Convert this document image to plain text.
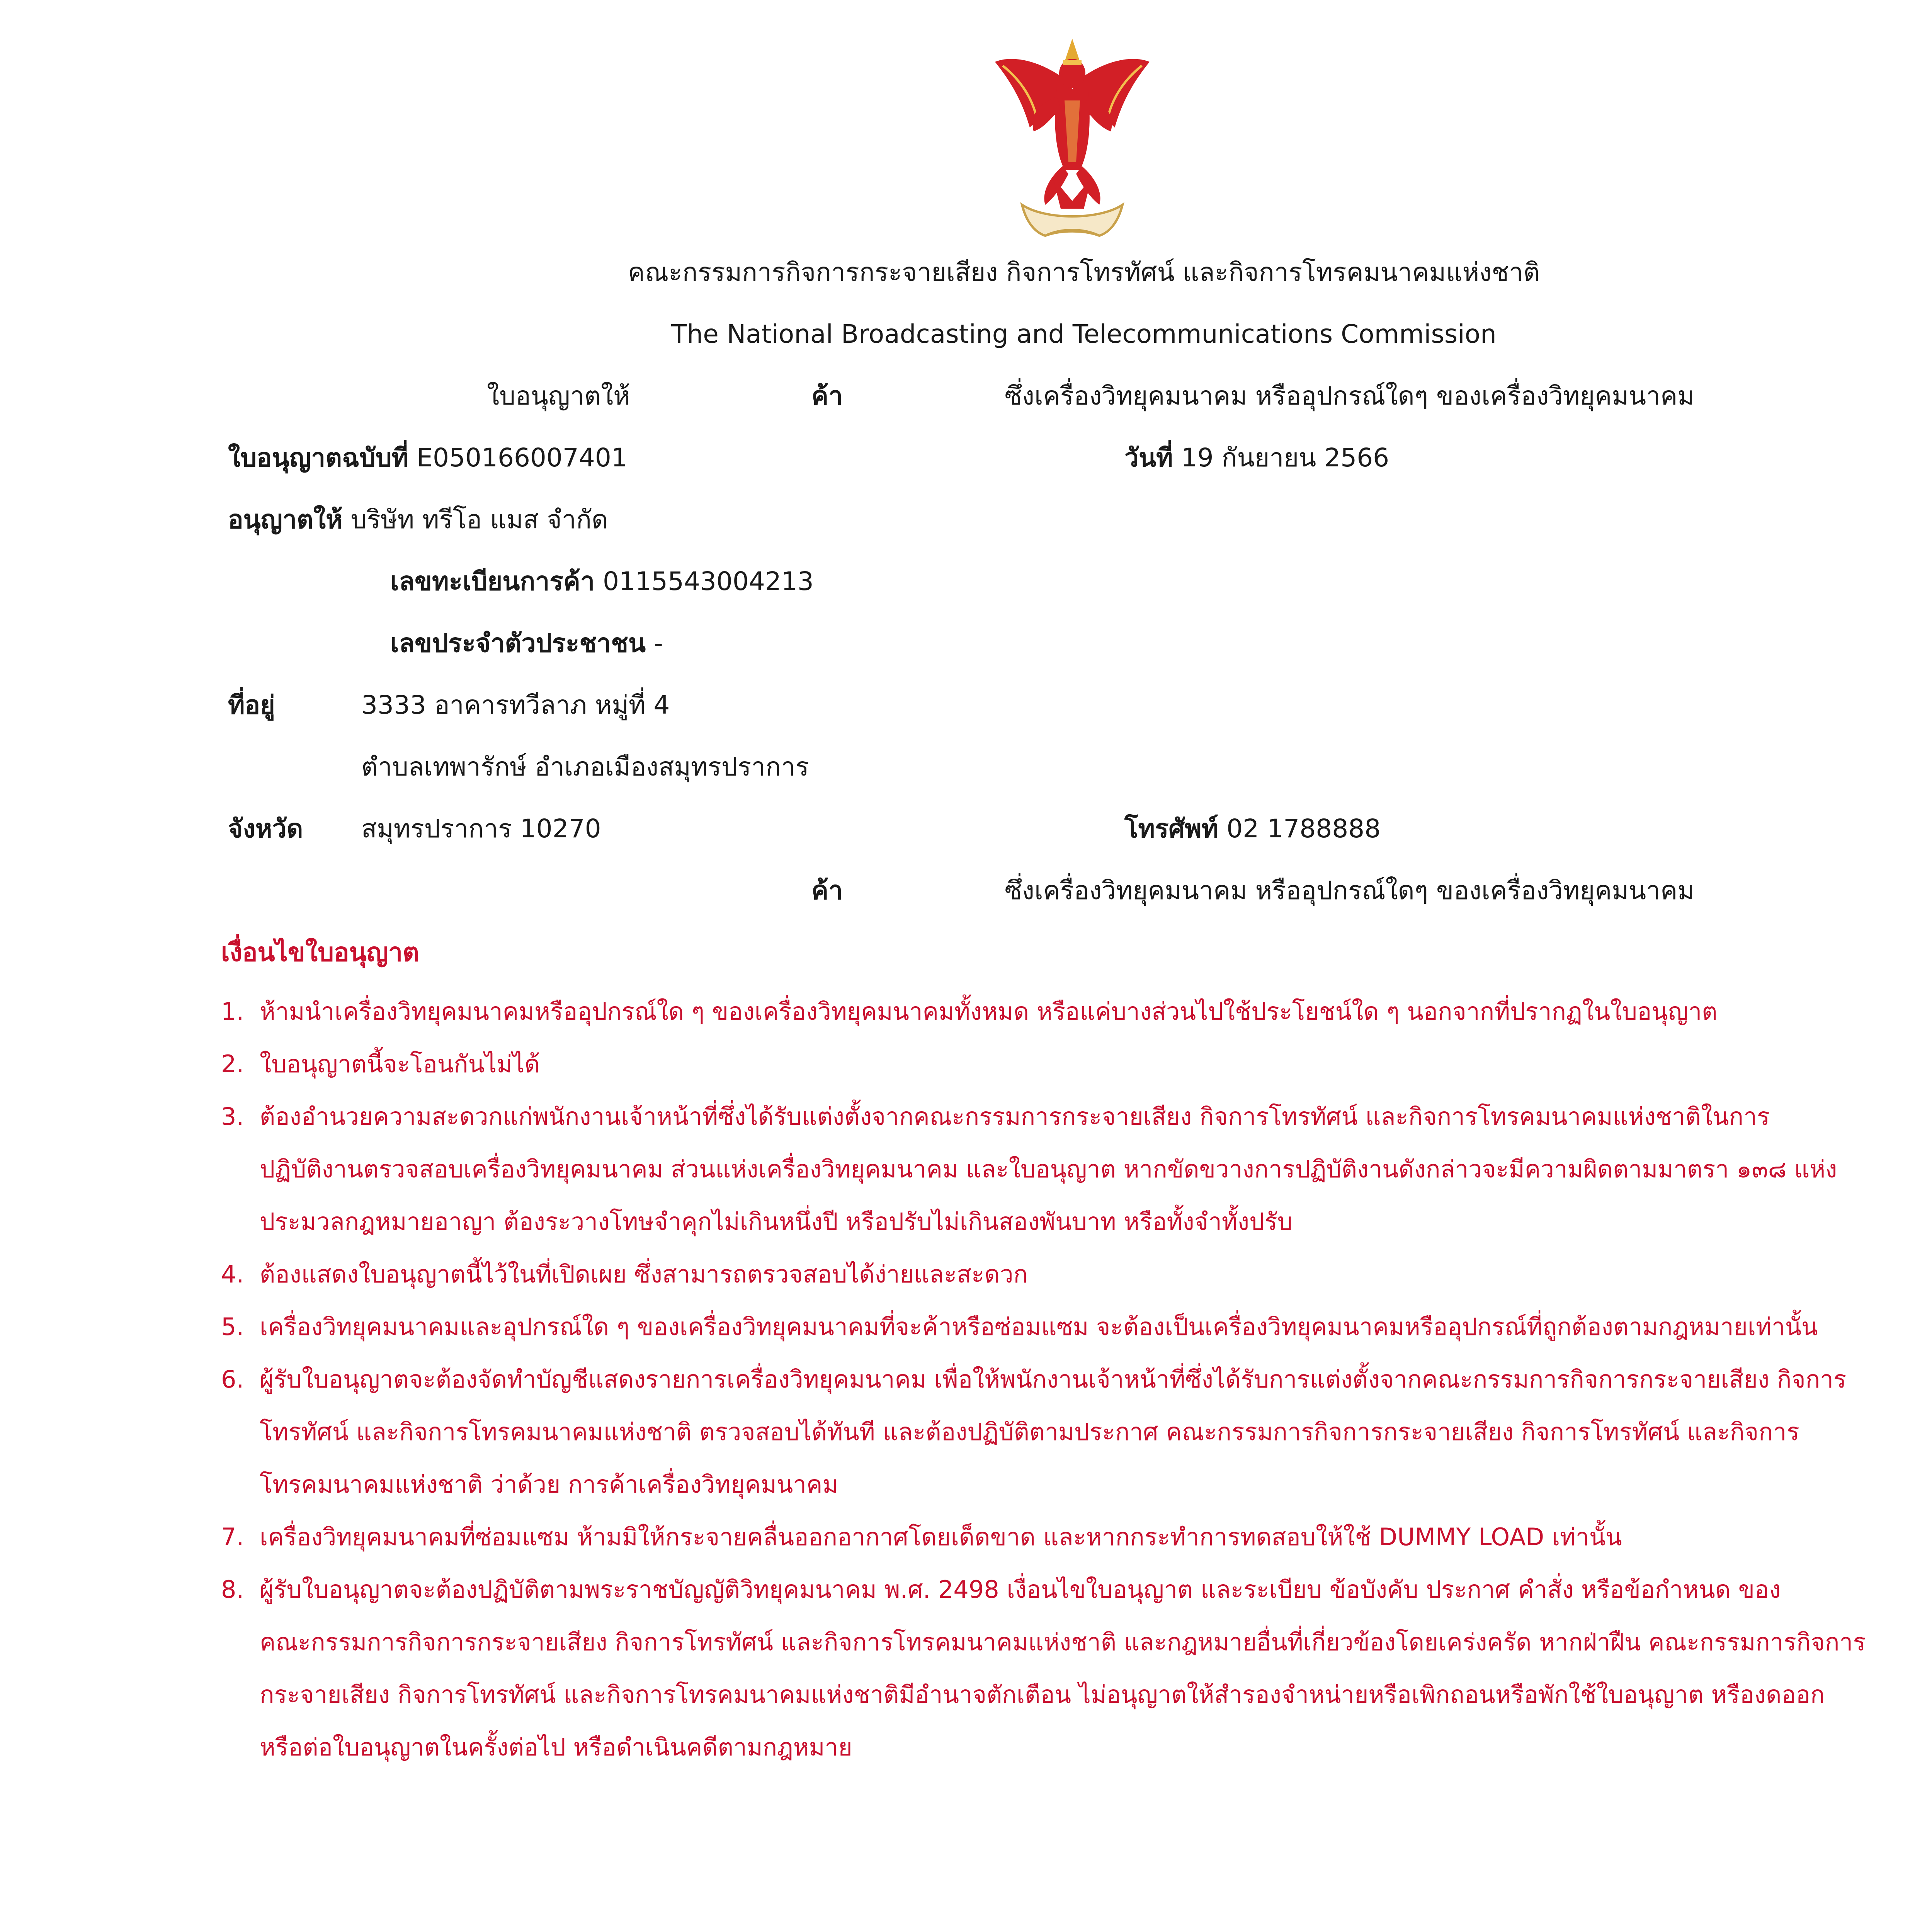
คณะกรรมการกิจการกระจายเสียง กิจการโทรทัศน์ และกิจการโทรคมนาคมแห่งชาติ
The National Broadcasting and Telecommunications Commission
ใบอนุญาตให้	ค้า	ซึ่งเครื่องวิทยุคมนาคม หรืออุปกรณ์ใดๆ ของเครื่องวิทยุคมนาคม
ใบอนุญาตฉบับที่ E050166007401	วันที่ 19 กันยายน 2566
อนุญาตให้ บริษัท ทรีโอ แมส จำกัด
เลขทะเบียนการค้า 0115543004213
เลขประจำตัวประชาชน -
ที่อยู่	3333 อาคารทวีลาภ หมู่ที่ 4
ตำบลเทพารักษ์ อำเภอเมืองสมุทรปราการ
จังหวัด สมุทรปราการ 10270	โทรศัพท์ 02 1788888
ค้า	ซึ่งเครื่องวิทยุคมนาคม หรืออุปกรณ์ใดๆ ของเครื่องวิทยุคมนาคม
เงื่อนไขใบอนุญาต
1. ห้ามนำเครื่องวิทยุคมนาคมหรืออุปกรณ์ใด ๆ ของเครื่องวิทยุคมนาคมทั้งหมด หรือแค่บางส่วนไปใช้ประโยชน์ใด ๆ นอกจากที่ปรากฏในใบอนุญาต
2. ใบอนุญาตนี้จะโอนกันไม่ได้
3. ต้องอำนวยความสะดวกแก่พนักงานเจ้าหน้าที่ซึ่งได้รับแต่งตั้งจากคณะกรรมการกระจายเสียง กิจการโทรทัศน์ และกิจการโทรคมนาคมแห่งชาติในการ
ปฏิบัติงานตรวจสอบเครื่องวิทยุคมนาคม ส่วนแห่งเครื่องวิทยุคมนาคม และใบอนุญาต หากขัดขวางการปฏิบัติงานดังกล่าวจะมีความผิดตามมาตรา ๑๓๘ แห่ง
ประมวลกฎหมายอาญา ต้องระวางโทษจำคุกไม่เกินหนึ่งปี หรือปรับไม่เกินสองพันบาท หรือทั้งจำทั้งปรับ
4. ต้องแสดงใบอนุญาตนี้ไว้ในที่เปิดเผย ซึ่งสามารถตรวจสอบได้ง่ายและสะดวก
5. เครื่องวิทยุคมนาคมและอุปกรณ์ใด ๆ ของเครื่องวิทยุคมนาคมที่จะค้าหรือซ่อมแซม จะต้องเป็นเครื่องวิทยุคมนาคมหรืออุปกรณ์ที่ถูกต้องตามกฎหมายเท่านั้น
6. ผู้รับใบอนุญาตจะต้องจัดทำบัญชีแสดงรายการเครื่องวิทยุคมนาคม เพื่อให้พนักงานเจ้าหน้าที่ซึ่งได้รับการแต่งตั้งจากคณะกรรมการกิจการกระจายเสียง กิจการ
โทรทัศน์ และกิจการโทรคมนาคมแห่งชาติ ตรวจสอบได้ทันที และต้องปฏิบัติตามประกาศ คณะกรรมการกิจการกระจายเสียง กิจการโทรทัศน์ และกิจการ
โทรคมนาคมแห่งชาติ ว่าด้วย การค้าเครื่องวิทยุคมนาคม
7. เครื่องวิทยุคมนาคมที่ซ่อมแซม ห้ามมิให้กระจายคลื่นออกอากาศโดยเด็ดขาด และหากกระทำการทดสอบให้ใช้ DUMMY LOAD เท่านั้น
8. ผู้รับใบอนุญาตจะต้องปฏิบัติตามพระราชบัญญัติวิทยุคมนาคม พ.ศ. 2498 เงื่อนไขใบอนุญาต และระเบียบ ข้อบังคับ ประกาศ คำสั่ง หรือข้อกำหนด ของ
คณะกรรมการกิจการกระจายเสียง กิจการโทรทัศน์ และกิจการโทรคมนาคมแห่งชาติ และกฎหมายอื่นที่เกี่ยวข้องโดยเคร่งครัด หากฝ่าฝืน คณะกรรมการกิจการ
กระจายเสียง กิจการโทรทัศน์ และกิจการโทรคมนาคมแห่งชาติมีอำนาจตักเตือน ไม่อนุญาตให้สำรองจำหน่ายหรือเพิกถอนหรือพักใช้ใบอนุญาต หรืองดออก
หรือต่อใบอนุญาตในครั้งต่อไป หรือดำเนินคดีตามกฎหมาย
